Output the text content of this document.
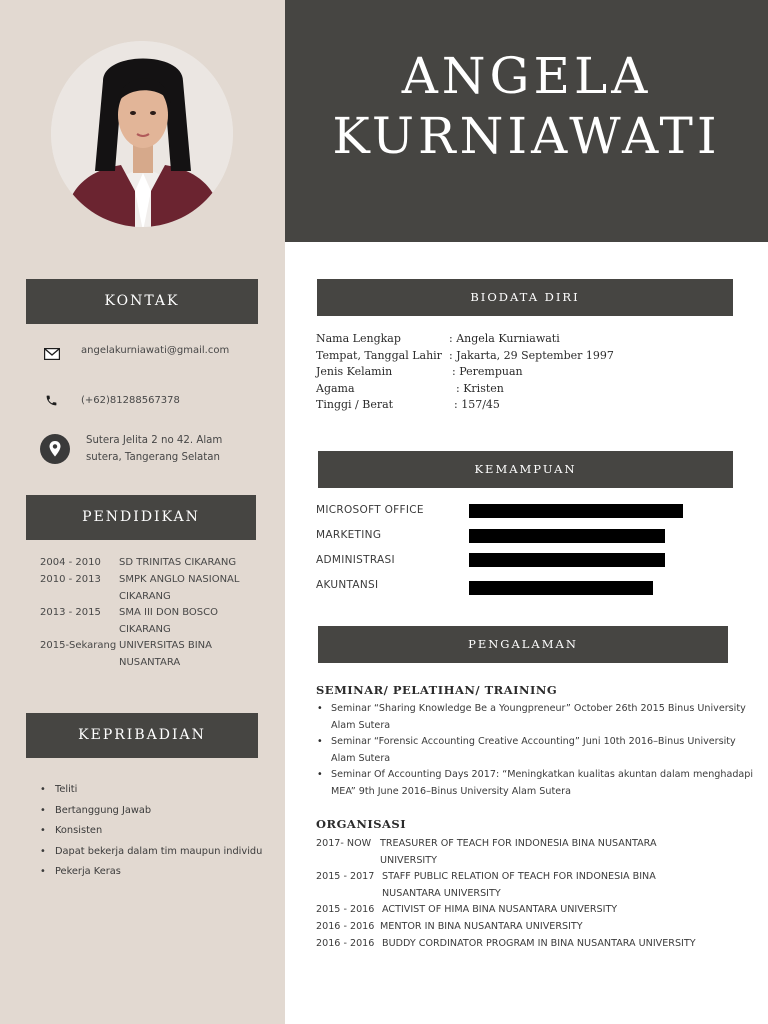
ANGELA
KURNIAWATI
KONTAK
angelakurniawati@gmail.com
(+62)81288567378
Sutera Jelita 2 no 42. Alam
sutera, Tangerang Selatan
PENDIDIKAN
2004 - 2010 SD TRINITAS CIKARANG
2010 - 2013 SMPK ANGLO NASIONAL CIKARANG
2013 - 2015 SMA III DON BOSCO CIKARANG
2015-Sekarang UNIVERSITAS BINA NUSANTARA
KEPRIBADIAN
• Teliti
• Bertanggung Jawab
• Konsisten
• Dapat bekerja dalam tim maupun individu
• Pekerja Keras
BIODATA DIRI
Nama Lengkap	: Angela Kurniawati
Tempat, Tanggal Lahir : Jakarta, 29 September 1997
Jenis Kelamin	: Perempuan
Agama	: Kristen
Tinggi / Berat	: 157/45
KEMAMPUAN
MICROSOFT OFFICE
MARKETING
ADMINISTRASI
AKUNTANSI
PENGALAMAN
SEMINAR/ PELATIHAN/ TRAINING
• Seminar “Sharing Knowledge Be a Youngpreneur” October 26th 2015 Binus University Alam Sutera
• Seminar “Forensic Accounting Creative Accounting” Juni 10th 2016–Binus University Alam Sutera
• Seminar Of Accounting Days 2017: “Meningkatkan kualitas akuntan dalam menghadapi MEA” 9th June 2016–Binus University Alam Sutera
ORGANISASI
2017- NOW TREASURER OF TEACH FOR INDONESIA BINA NUSANTARA UNIVERSITY
2015 - 2017 STAFF PUBLIC RELATION OF TEACH FOR INDONESIA BINA NUSANTARA UNIVERSITY
2015 - 2016 ACTIVIST OF HIMA BINA NUSANTARA UNIVERSITY
2016 - 2016 MENTOR IN BINA NUSANTARA UNIVERSITY
2016 - 2016 BUDDY CORDINATOR PROGRAM IN BINA NUSANTARA UNIVERSITY
